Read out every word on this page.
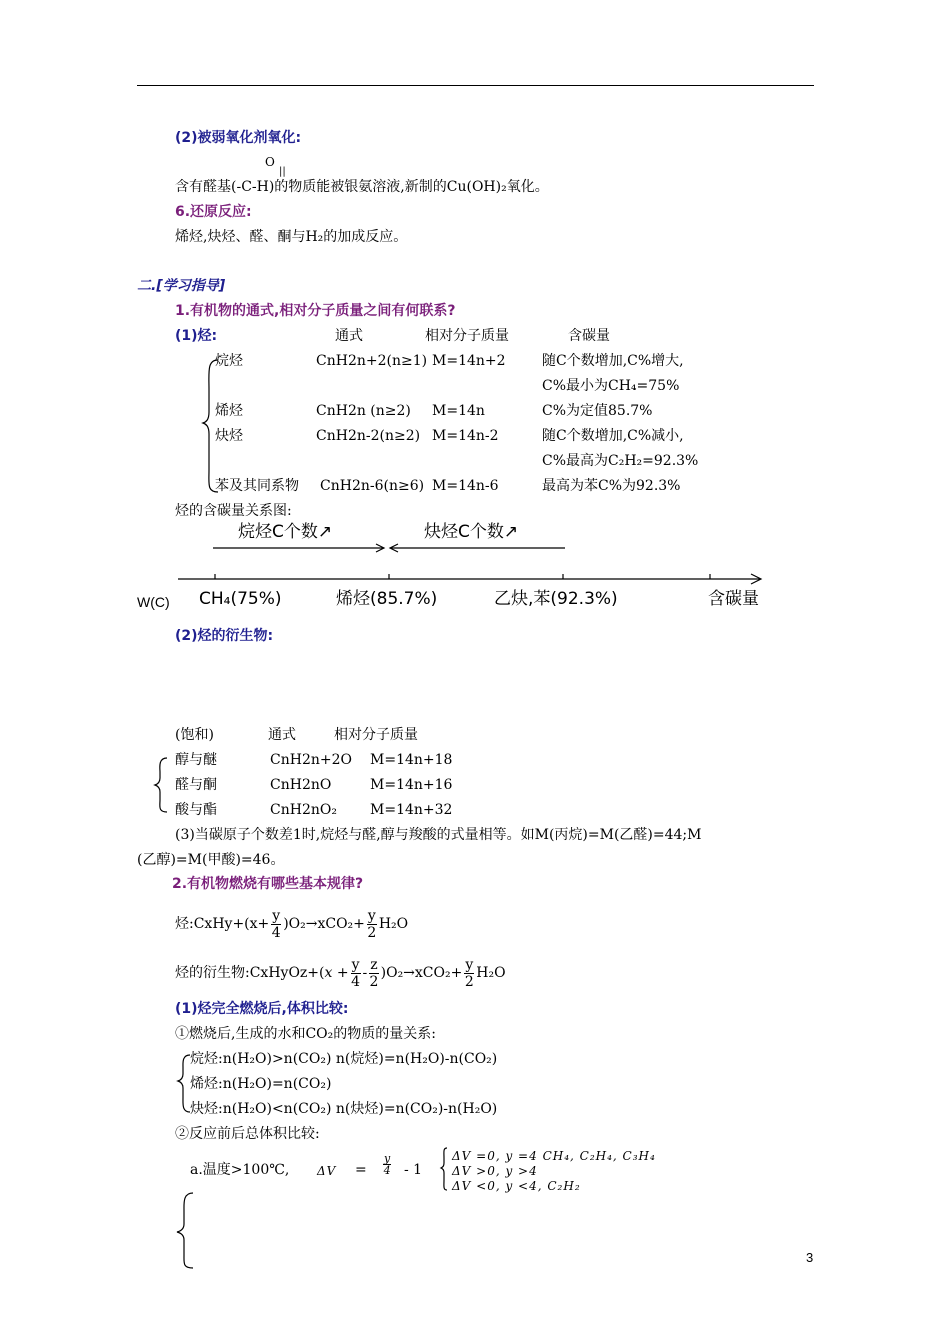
(2)被弱氧化剂氧化:
O
||
含有醛基(-C-H)的物质能被银氨溶液,新制的Cu(OH)₂氧化。
6.还原反应:
烯烃,炔烃、醛、酮与H₂的加成反应。
二.[学习指导]
1.有机物的通式,相对分子质量之间有何联系?
(1)烃:	通式	相对分子质量	含碳量
烷烃	CnH2n+2(n≥1) M=14n+2	随C个数增加,C%增大,
C%最小为CH₄=75%
烯烃	CnH2n (n≥2) M=14n	C%为定值85.7%
炔烃	CnH2n-2(n≥2) M=14n-2	随C个数增加,C%减小,
C%最高为C₂H₂=92.3%
苯及其同系物 CnH2n-6(n≥6) M=14n-6	最高为苯C%为92.3%
烃的含碳量关系图:
烷烃C个数↗	炔烃C个数↗
W(C) CH₄(75%)	烯烃(85.7%)	乙炔,苯(92.3%)	含碳量
(2)烃的衍生物:
(饱和)	通式	相对分子质量
醇与醚	CnH2n+2O M=14n+18
醛与酮	CnH2nO	M=14n+16
酸与酯	CnH2nO₂ M=14n+32
(3)当碳原子个数差1时,烷烃与醛,醇与羧酸的式量相等。如M(丙烷)=M(乙醛)=44;M
(乙醇)=M(甲酸)=46。
2.有机物燃烧有哪些基本规律?
烃:CxHy+(x+ $\frac{y}{4} )O_2\to xCO_2+ \frac{y}{2} H_2O$
烃的衍生物:CxHyOz+(x + $\frac{y}{4} - \frac{z}{2} )O_2\to xCO_2+ \frac{y}{2} H_2O$
(1)烃完全燃烧后,体积比较:
①燃烧后,生成的水和CO₂的物质的量关系:
烷烃:n(H₂O)>n(CO₂) n(烷烃)=n(H₂O)-n(CO₂)
烯烃:n(H₂O)=n(CO₂)
炔烃:n(H₂O)<n(CO₂) n(炔烃)=n(CO₂)-n(H₂O)
②反应前后总体积比较:
a.温度>100℃, $\Delta V = \frac{y}{4} - 1$
ΔV =0, y =4 CH₄, C₂H₄, C₃H₄
ΔV >0, y >4
ΔV <0, y <4, C₂H₂
3
